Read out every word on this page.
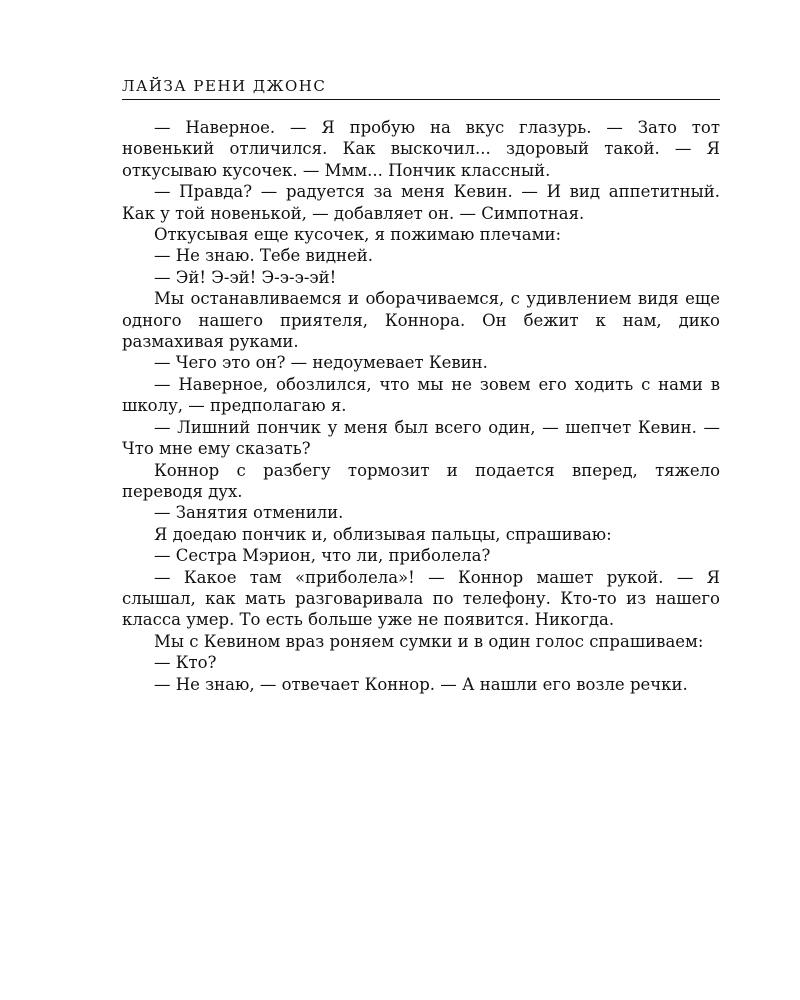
ЛАЙЗА РЕНИ ДЖОНС

— Наверное. — Я пробую на вкус глазурь. — Зато тот новенький отличился. Как выскочил... здоровый такой. — Я откусываю кусочек. — Ммм... Пончик классный.

— Правда? — радуется за меня Кевин. — И вид аппетитный. Как у той новенькой, — добавляет он. — Симпотная.

Откусывая еще кусочек, я пожимаю плечами:

— Не знаю. Тебе видней.

— Эй! Э-эй! Э-э-э-эй!

Мы останавливаемся и оборачиваемся, с удивлением видя еще одного нашего приятеля, Коннора. Он бежит к нам, дико размахивая руками.

— Чего это он? — недоумевает Кевин.

— Наверное, обозлился, что мы не зовем его ходить с нами в школу, — предполагаю я.

— Лишний пончик у меня был всего один, — шепчет Кевин. — Что мне ему сказать?

Коннор с разбегу тормозит и подается вперед, тяжело переводя дух.

— Занятия отменили.

Я доедаю пончик и, облизывая пальцы, спрашиваю:

— Сестра Мэрион, что ли, приболела?

— Какое там «приболела»! — Коннор машет рукой. — Я слышал, как мать разговаривала по телефону. Кто-то из нашего класса умер. То есть больше уже не появится. Никогда.

Мы с Кевином враз роняем сумки и в один голос спрашиваем:

— Кто?

— Не знаю, — отвечает Коннор. — А нашли его возле речки.
